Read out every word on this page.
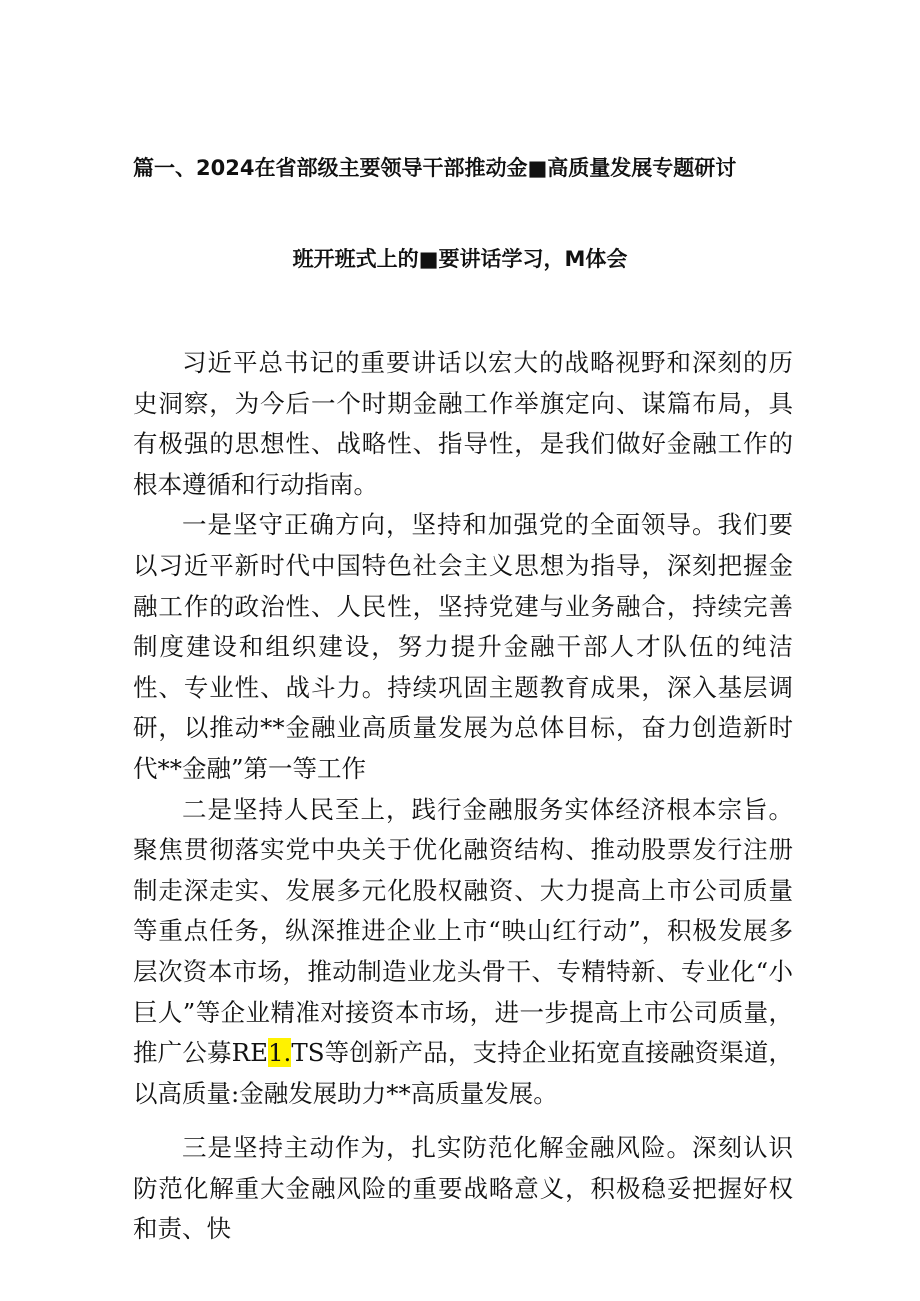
篇一、2024在省部级主要领导干部推动金■高质量发展专题研讨
班开班式上的■要讲话学习，M体会

习近平总书记的重要讲话以宏大的战略视野和深刻的历史洞察，为今后一个时期金融工作举旗定向、谋篇布局，具有极强的思想性、战略性、指导性，是我们做好金融工作的根本遵循和行动指南。

一是坚守正确方向，坚持和加强党的全面领导。我们要以习近平新时代中国特色社会主义思想为指导，深刻把握金融工作的政治性、人民性，坚持党建与业务融合，持续完善制度建设和组织建设，努力提升金融干部人才队伍的纯洁性、专业性、战斗力。持续巩固主题教育成果，深入基层调研，以推动**金融业高质量发展为总体目标，奋力创造新时代**金融”第一等工作

二是坚持人民至上，践行金融服务实体经济根本宗旨。聚焦贯彻落实党中央关于优化融资结构、推动股票发行注册制走深走实、发展多元化股权融资、大力提高上市公司质量等重点任务，纵深推进企业上市“映山红行动”，积极发展多层次资本市场，推动制造业龙头骨干、专精特新、专业化“小巨人”等企业精准对接资本市场，进一步提高上市公司质量，推广公募RE1.TS等创新产品，支持企业拓宽直接融资渠道，以高质量:金融发展助力**高质量发展。

三是坚持主动作为，扎实防范化解金融风险。深刻认识防范化解重大金融风险的重要战略意义，积极稳妥把握好权和责、快
